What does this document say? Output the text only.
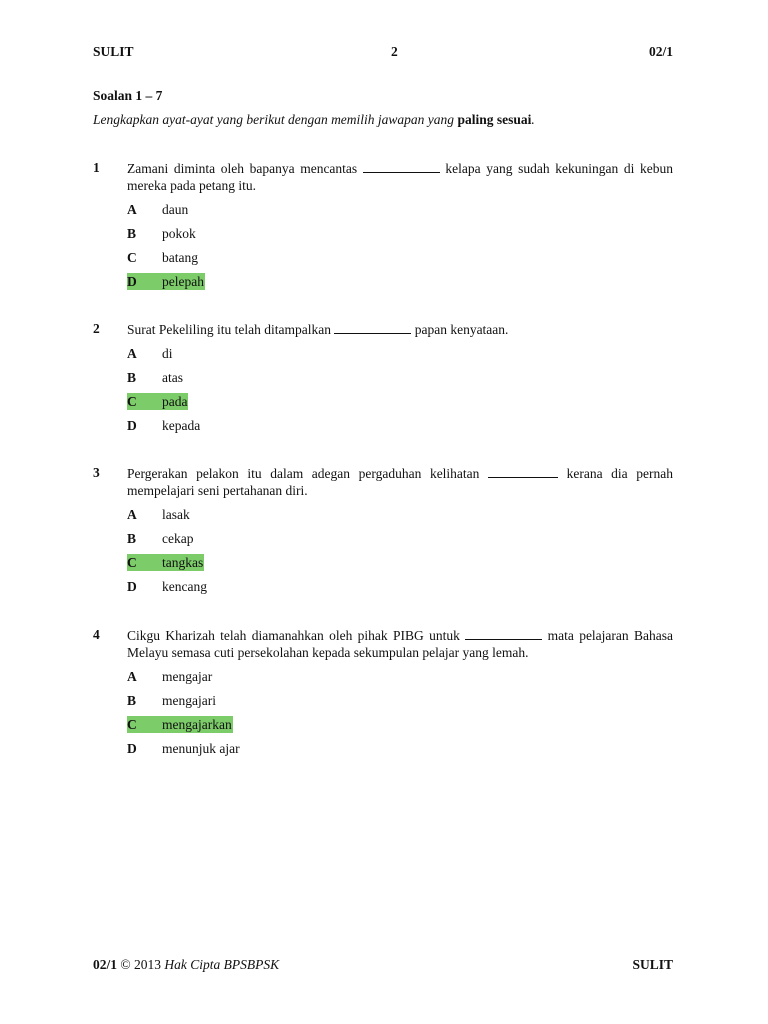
SULIT	2	02/1
Soalan 1 – 7
Lengkapkan ayat-ayat yang berikut dengan memilih jawapan yang paling sesuai.
1 Zamani diminta oleh bapanya mencantas	kelapa yang sudah kekuningan di kebun mereka pada petang itu.
A daun
B pokok
C batang
D pelepah
2 Surat Pekeliling itu telah ditampalkan	papan kenyataan.
A di
B atas
C pada
D kepada
3 Pergerakan pelakon itu dalam adegan pergaduhan kelihatan	kerana dia pernah mempelajari seni pertahanan diri.
A lasak
B cekap
C tangkas
D kencang
4 Cikgu Kharizah telah diamanahkan oleh pihak PIBG untuk	mata pelajaran Bahasa Melayu semasa cuti persekolahan kepada sekumpulan pelajar yang lemah.
A mengajar
B mengajari
C mengajarkan
D menunjuk ajar
02/1 © 2013 Hak Cipta BPSBPSK	SULIT
